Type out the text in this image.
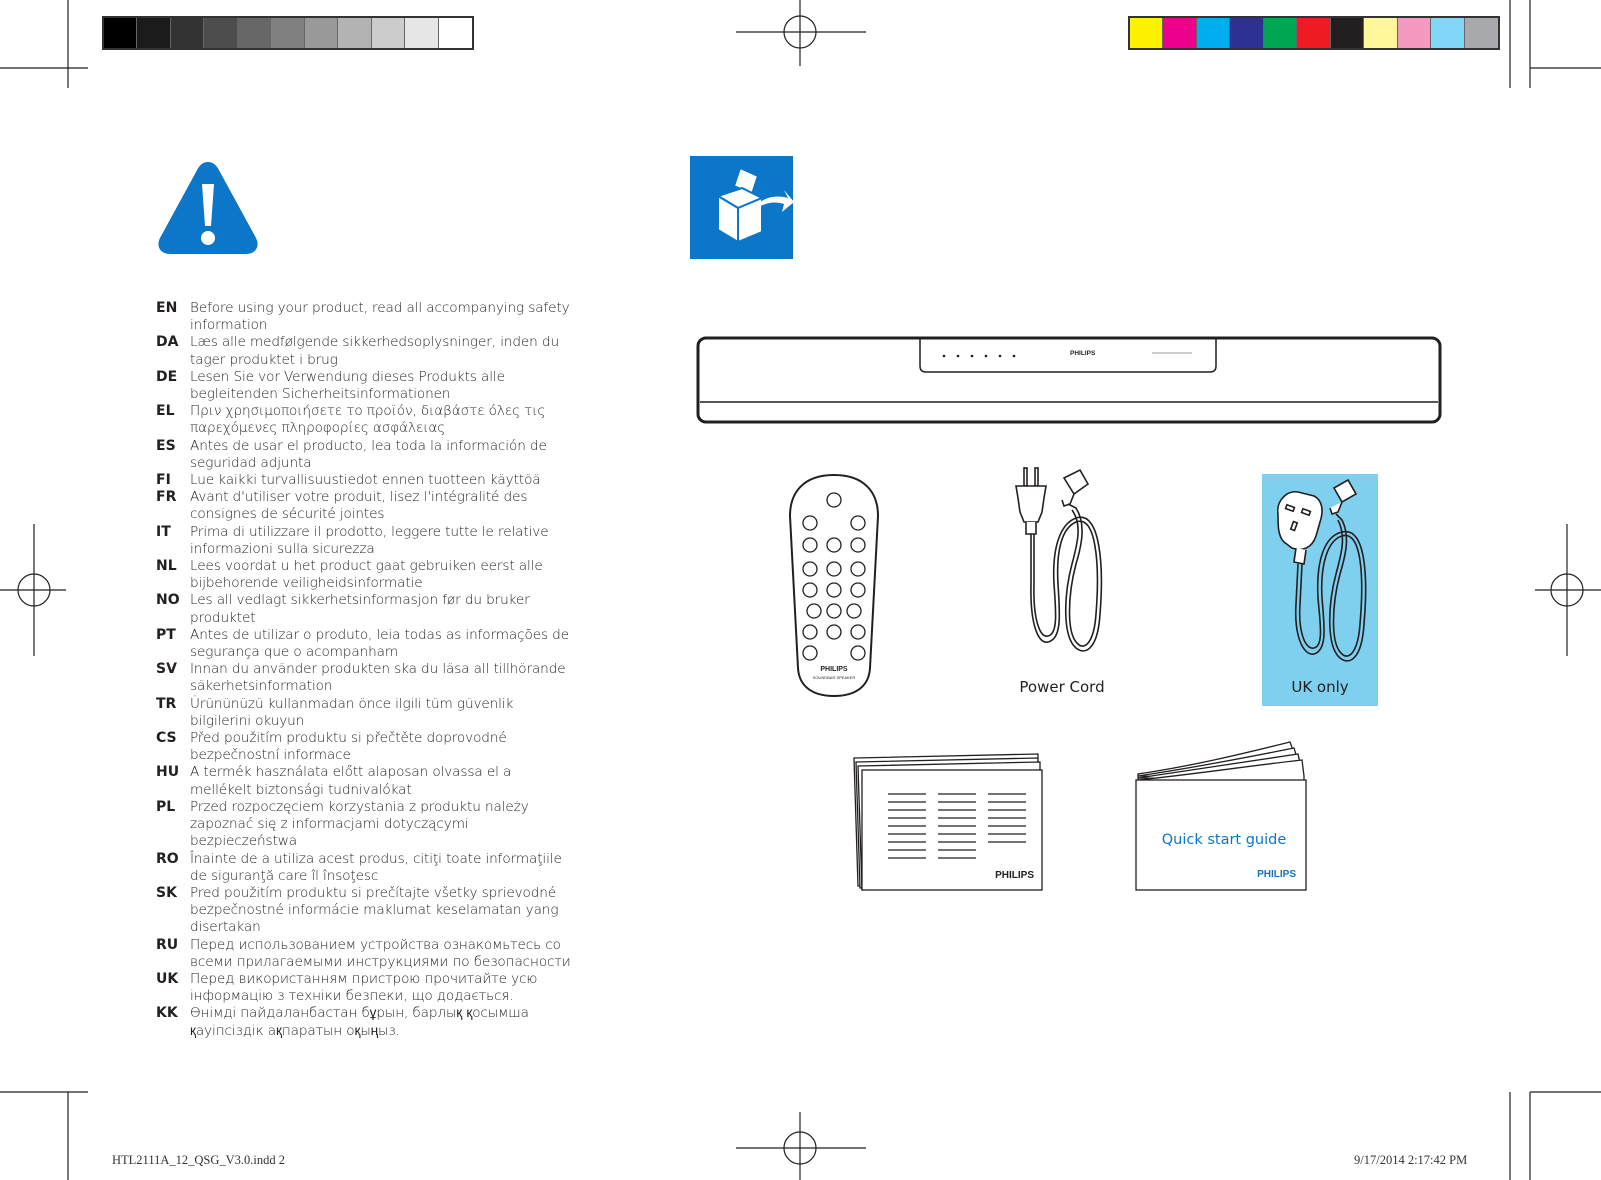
EN Before using your product, read all accompanying safety information
DA Læs alle medfølgende sikkerhedsoplysninger, inden du tager produktet i brug
DE Lesen Sie vor Verwendung dieses Produkts alle begleitenden Sicherheitsinformationen
EL	Πριν χρησιμοποιήσετε το προϊόν, διαβάστε όλες τις παρεχόμενες πληροφορίες ασφάλειας
ES	Antes de usar el producto, lea toda la información de seguridad adjunta
FI	Lue kaikki turvallisuustiedot ennen tuotteen käyttöä
FR	Avant d'utiliser votre produit, lisez l'intégralité des consignes de sécurité jointes
IT	Prima di utilizzare il prodotto, leggere tutte le relative informazioni sulla sicurezza
NL Lees voordat u het product gaat gebruiken eerst alle bijbehorende veiligheidsinformatie
NO Les all vedlagt sikkerhetsinformasjon før du bruker produktet
PT	Antes de utilizar o produto, leia todas as informações de segurança que o acompanham
SV Innan du använder produkten ska du läsa all tillhörande säkerhetsinformation
TR	Ürününüzü kullanmadan önce ilgili tüm güvenlik bilgilerini okuyun
CS Před použitím produktu si přečtěte doprovodné bezpečnostní informace
HU A termék használata előtt alaposan olvassa el a mellékelt biztonsági tudnivalókat
PL	Przed rozpoczęciem korzystania z produktu należy zapoznać się z informacjami dotyczącymi bezpieczeństwa
RO Înainte de a utiliza acest produs, citiţi toate informaţiile de siguranţă care îl însoţesc
SK Pred použitím produktu si prečítajte všetky sprievodné bezpečnostné informácie maklumat keselamatan yang disertakan
RU Перед использованием устройства ознакомьтесь со всеми прилагаемыми инструкциями по безопасности
UK Перед використанням пристрою прочитайте усю інформацію з техніки безпеки, що додається.
KK Өнімді пайдаланбастан бұрын, барлық қосымша қауіпсіздік ақпаратын оқыңыз.
PHILIPS
PHILIPS
SOUNDBAR SPEAKER
Power Cord	UK only
PHILIPS
Quick start guide
PHILIPS
HTL2111A_12_QSG_V3.0.indd 2	9/17/2014 2:17:42 PM
